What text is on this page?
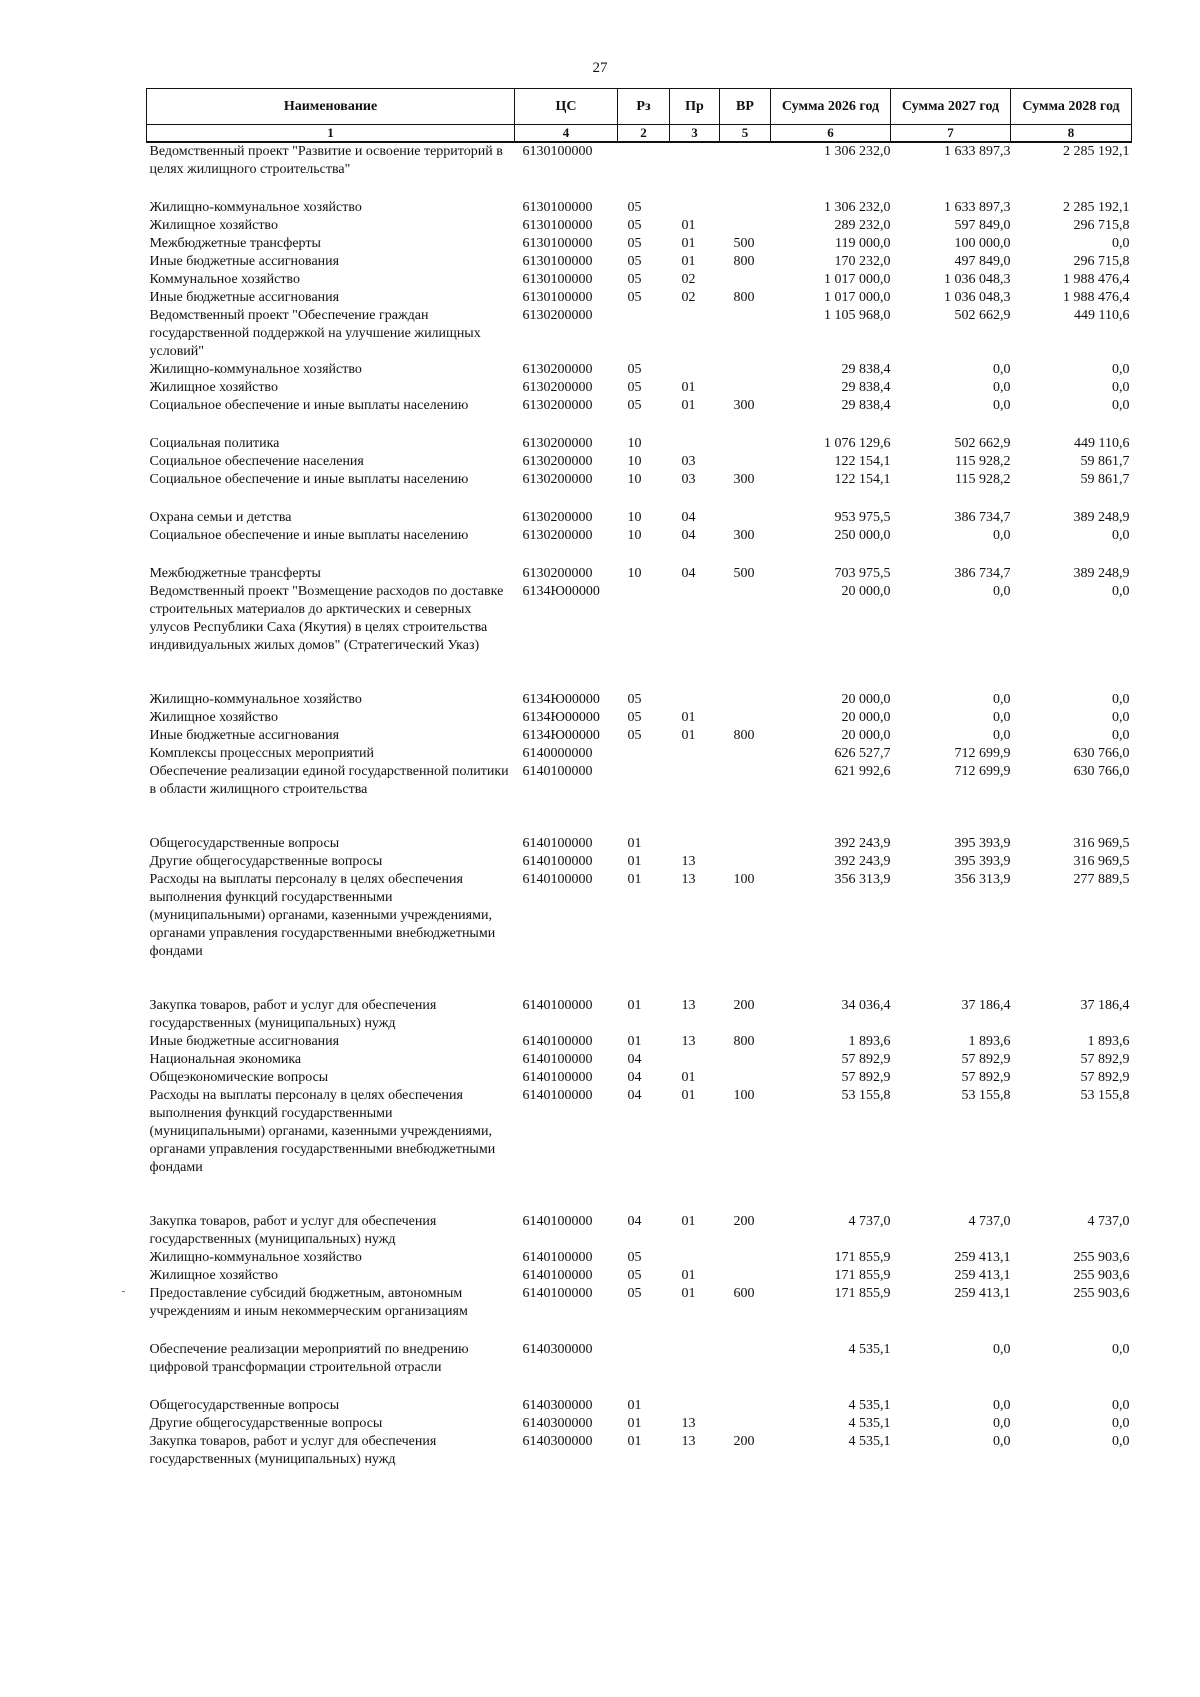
27
Наименование	ЦС	Рз	Пр	ВР	Сумма 2026 год	Сумма 2027 год	Сумма 2028 год
1	4	2	3	5	6	7	8
Ведомственный проект "Развитие и освоение территорий в целях жилищного строительства"	6130100000				1 306 232,0	1 633 897,3	2 285 192,1
Жилищно-коммунальное хозяйство	6130100000	05			1 306 232,0	1 633 897,3	2 285 192,1
Жилищное хозяйство	6130100000	05	01		289 232,0	597 849,0	296 715,8
Межбюджетные трансферты	6130100000	05	01	500	119 000,0	100 000,0	0,0
Иные бюджетные ассигнования	6130100000	05	01	800	170 232,0	497 849,0	296 715,8
Коммунальное хозяйство	6130100000	05	02		1 017 000,0	1 036 048,3	1 988 476,4
Иные бюджетные ассигнования	6130100000	05	02	800	1 017 000,0	1 036 048,3	1 988 476,4
Ведомственный проект "Обеспечение граждан государственной поддержкой на улучшение жилищных условий"	6130200000				1 105 968,0	502 662,9	449 110,6
Жилищно-коммунальное хозяйство	6130200000	05			29 838,4	0,0	0,0
Жилищное хозяйство	6130200000	05	01		29 838,4	0,0	0,0
Социальное обеспечение и иные выплаты населению	6130200000	05	01	300	29 838,4	0,0	0,0
Социальная политика	6130200000	10			1 076 129,6	502 662,9	449 110,6
Социальное обеспечение населения	6130200000	10	03		122 154,1	115 928,2	59 861,7
Социальное обеспечение и иные выплаты населению	6130200000	10	03	300	122 154,1	115 928,2	59 861,7
Охрана семьи и детства	6130200000	10	04		953 975,5	386 734,7	389 248,9
Социальное обеспечение и иные выплаты населению	6130200000	10	04	300	250 000,0	0,0	0,0
Межбюджетные трансферты	6130200000	10	04	500	703 975,5	386 734,7	389 248,9
Ведомственный проект "Возмещение расходов по доставке строительных материалов до арктических и северных улусов Республики Саха (Якутия) в целях строительства индивидуальных жилых домов" (Стратегический Указ)	6134Ю00000				20 000,0	0,0	0,0
Жилищно-коммунальное хозяйство	6134Ю00000	05			20 000,0	0,0	0,0
Жилищное хозяйство	6134Ю00000	05	01		20 000,0	0,0	0,0
Иные бюджетные ассигнования	6134Ю00000	05	01	800	20 000,0	0,0	0,0
Комплексы процессных мероприятий	6140000000				626 527,7	712 699,9	630 766,0
Обеспечение реализации единой государственной политики в области жилищного строительства	6140100000				621 992,6	712 699,9	630 766,0
Общегосударственные вопросы	6140100000	01			392 243,9	395 393,9	316 969,5
Другие общегосударственные вопросы	6140100000	01	13		392 243,9	395 393,9	316 969,5
Расходы на выплаты персоналу в целях обеспечения выполнения функций государственными (муниципальными) органами, казенными учреждениями, органами управления государственными внебюджетными фондами	6140100000	01	13	100	356 313,9	356 313,9	277 889,5
Закупка товаров, работ и услуг для обеспечения государственных (муниципальных) нужд	6140100000	01	13	200	34 036,4	37 186,4	37 186,4
Иные бюджетные ассигнования	6140100000	01	13	800	1 893,6	1 893,6	1 893,6
Национальная экономика	6140100000	04			57 892,9	57 892,9	57 892,9
Общеэкономические вопросы	6140100000	04	01		57 892,9	57 892,9	57 892,9
Расходы на выплаты персоналу в целях обеспечения выполнения функций государственными (муниципальными) органами, казенными учреждениями, органами управления государственными внебюджетными фондами	6140100000	04	01	100	53 155,8	53 155,8	53 155,8
Закупка товаров, работ и услуг для обеспечения государственных (муниципальных) нужд	6140100000	04	01	200	4 737,0	4 737,0	4 737,0
Жилищно-коммунальное хозяйство	6140100000	05			171 855,9	259 413,1	255 903,6
Жилищное хозяйство	6140100000	05	01		171 855,9	259 413,1	255 903,6
Предоставление субсидий бюджетным, автономным учреждениям и иным некоммерческим организациям	6140100000	05	01	600	171 855,9	259 413,1	255 903,6
Обеспечение реализации мероприятий по внедрению цифровой трансформации строительной отрасли	6140300000				4 535,1	0,0	0,0
Общегосударственные вопросы	6140300000	01			4 535,1	0,0	0,0
Другие общегосударственные вопросы	6140300000	01	13		4 535,1	0,0	0,0
Закупка товаров, работ и услуг для обеспечения государственных (муниципальных) нужд	6140300000	01	13	200	4 535,1	0,0	0,0
